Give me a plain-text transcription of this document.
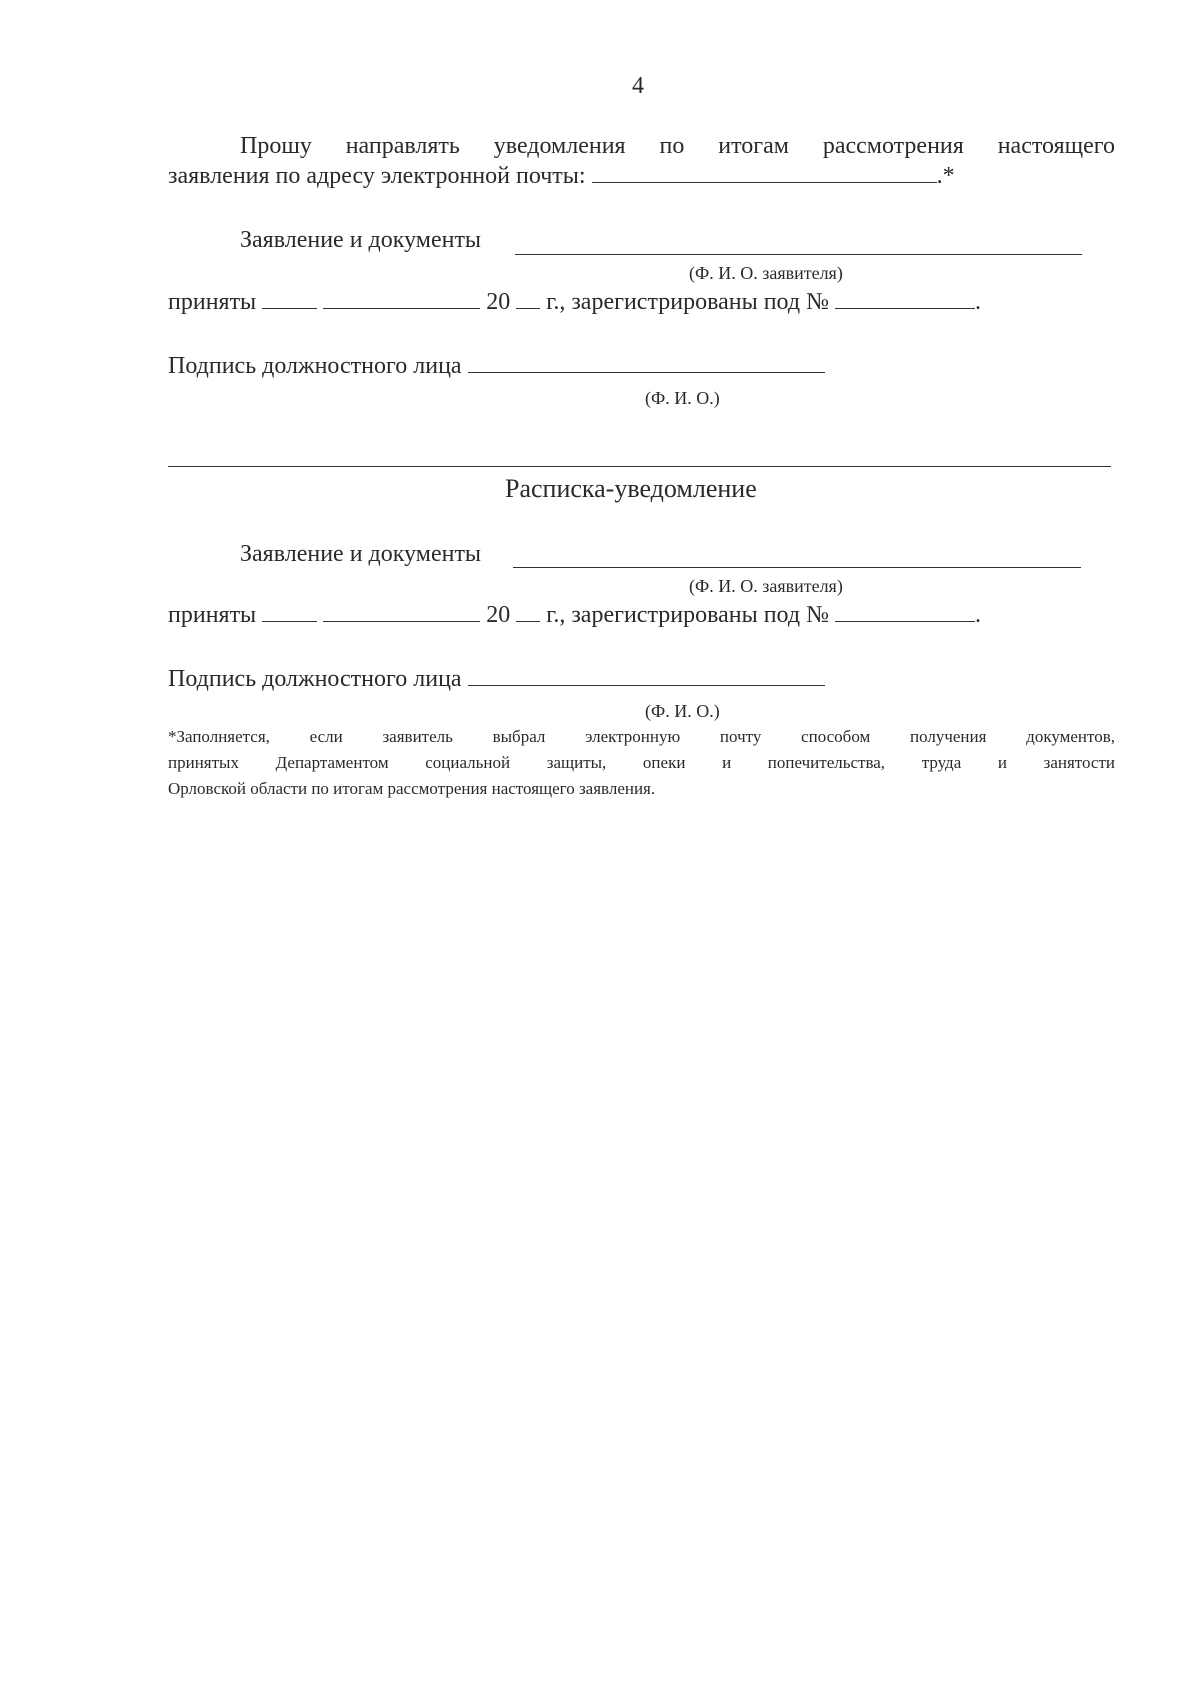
4
Прошу направлять уведомления по итогам рассмотрения настоящего
заявления по адресу электронной почты:	.*
Заявление и документы
(Ф. И. О. заявителя)
приняты	20 г., зарегистрированы под №	.
Подпись должностного лица
(Ф. И. О.)
Расписка-уведомление
Заявление и документы
(Ф. И. О. заявителя)
приняты	20 г., зарегистрированы под №	.
Подпись должностного лица
(Ф. И. О.)
*Заполняется, если заявитель выбрал электронную почту способом получения документов,
принятых Департаментом социальной защиты, опеки и попечительства, труда и занятости
Орловской области по итогам рассмотрения настоящего заявления.
